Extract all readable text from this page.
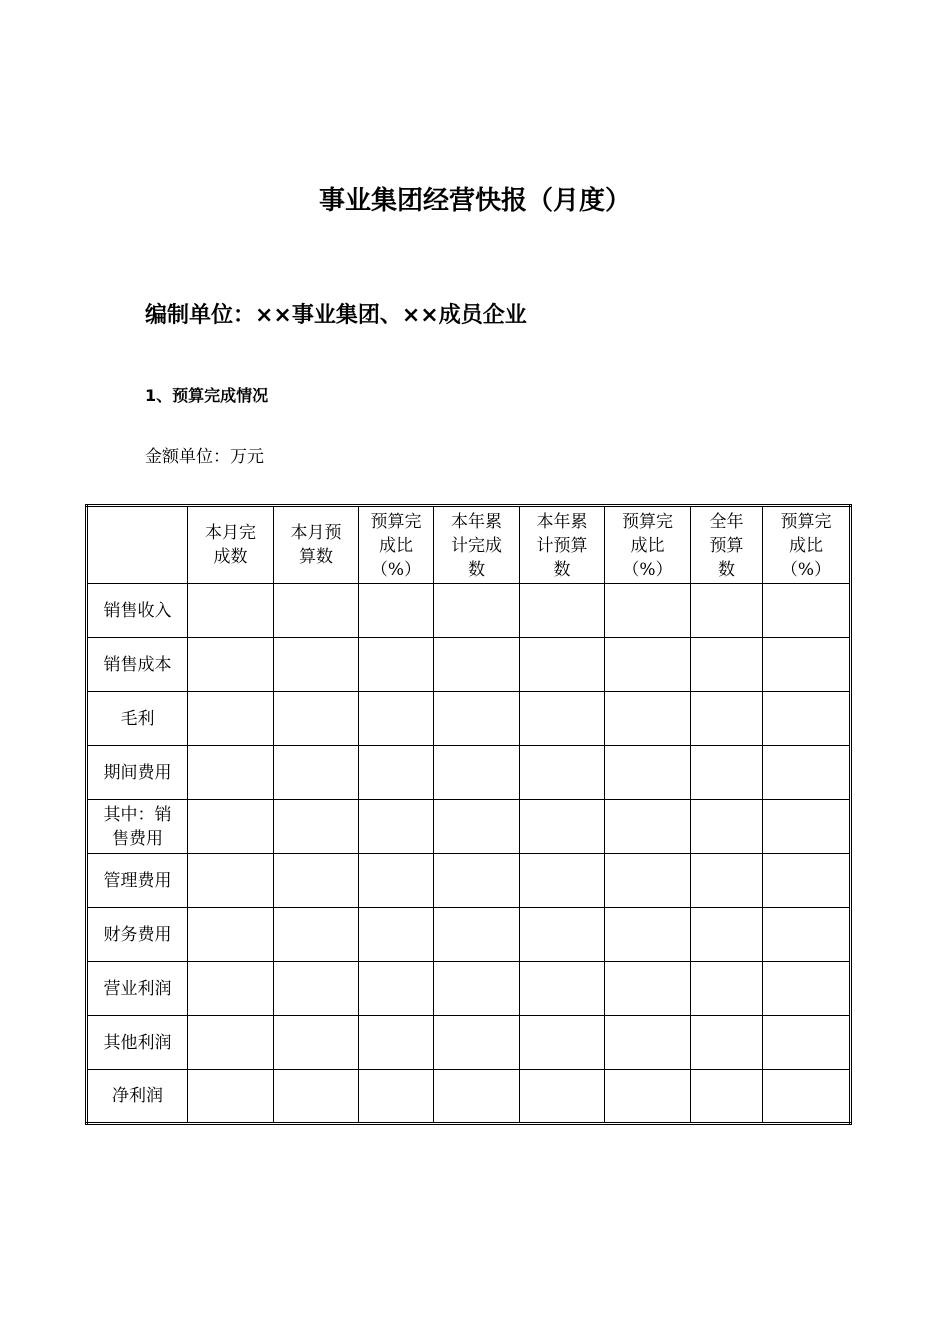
事业集团经营快报（月度）
编制单位：××事业集团、××成员企业
1、预算完成情况
金额单位：万元

	本月完成数	本月预算数	预算完成比（%）	本年累计完成数	本年累计预算数	预算完成比（%）	全年预算数	预算完成比（%）

销售收入								
销售成本								
毛利								
期间费用								

其中：销售费用								

管理费用								
财务费用								
营业利润								
其他利润								
净利润								
